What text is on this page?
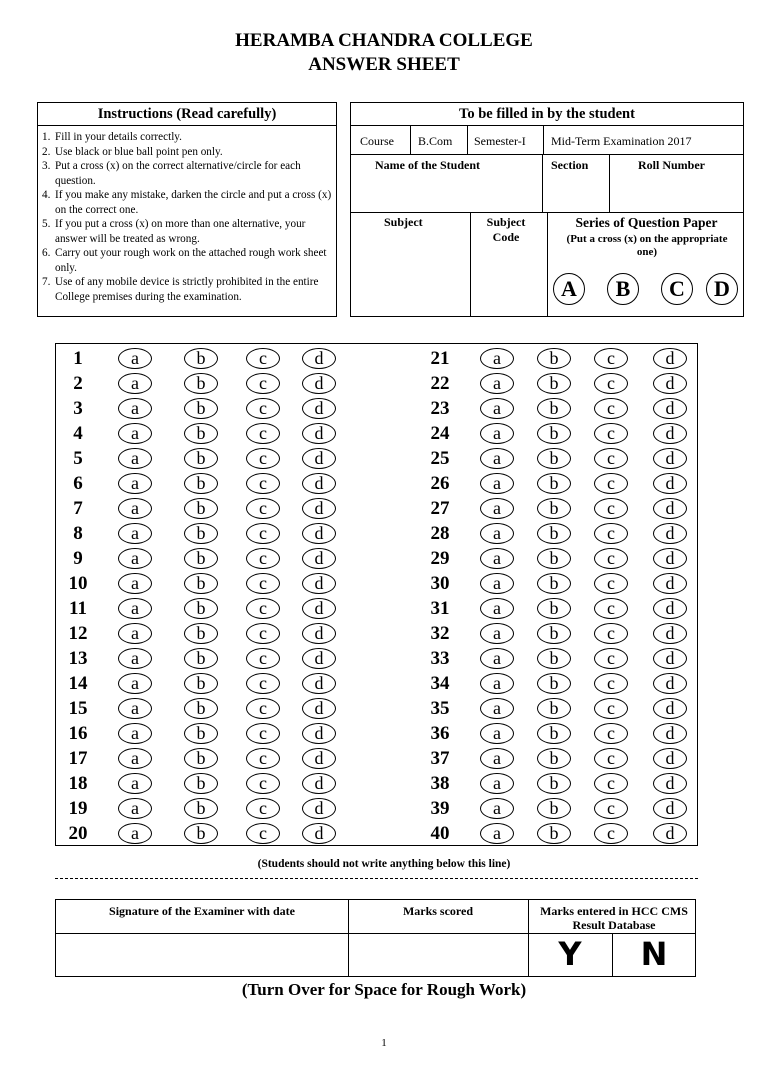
HERAMBA CHANDRA COLLEGE
ANSWER SHEET
Instructions (Read carefully)
1. Fill in your details correctly.
2. Use black or blue ball point pen only.
3. Put a cross (x) on the correct alternative/circle for each question.
4. If you make any mistake, darken the circle and put a cross (x) on the correct one.
5. If you put a cross (x) on more than one alternative, your answer will be treated as wrong.
6. Carry out your rough work on the attached rough work sheet only.
7. Use of any mobile device is strictly prohibited in the entire College premises during the examination.
To be filled in by the student
Course B.Com Semester-I Mid-Term Examination 2017
Name of the Student	Section	Roll Number
Subject	Subject Code
Series of Question Paper
(Put a cross (x) on the appropriate one)
A	B	C	D
1	a	b	c	d	21	a	b	c	d
2	a	b	c	d	22	a	b	c	d
3	a	b	c	d	23	a	b	c	d
4	a	b	c	d	24	a	b	c	d
5	a	b	c	d	25	a	b	c	d
6	a	b	c	d	26	a	b	c	d
7	a	b	c	d	27	a	b	c	d
8	a	b	c	d	28	a	b	c	d
9	a	b	c	d	29	a	b	c	d
10	a	b	c	d	30	a	b	c	d
11	a	b	c	d	31	a	b	c	d
12	a	b	c	d	32	a	b	c	d
13	a	b	c	d	33	a	b	c	d
14	a	b	c	d	34	a	b	c	d
15	a	b	c	d	35	a	b	c	d
16	a	b	c	d	36	a	b	c	d
17	a	b	c	d	37	a	b	c	d
18	a	b	c	d	38	a	b	c	d
19	a	b	c	d	39	a	b	c	d
20	a	b	c	d	40	a	b	c	d
(Students should not write anything below this line)
Signature of the Examiner with date	Marks scored	Marks entered in HCC CMS Result Database
Y	N
(Turn Over for Space for Rough Work)
1
